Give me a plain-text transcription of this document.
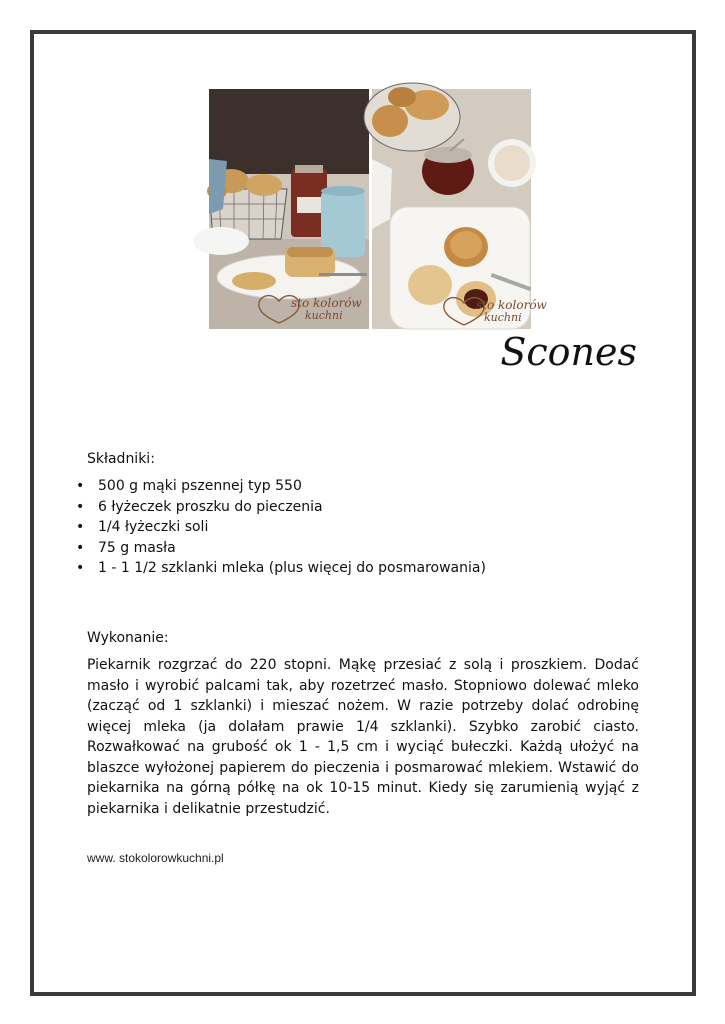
sto kolorów
kuchni
sto kolorów
kuchni
Scones
Składniki:
• 500 g mąki pszennej typ 550
• 6 łyżeczek proszku do pieczenia
• 1/4 łyżeczki soli
• 75 g masła
• 1 - 1 1/2 szklanki mleka (plus więcej do posmarowania)
Wykonanie:

Piekarnik rozgrzać do 220 stopni. Mąkę przesiać z solą i proszkiem. Dodać masło i wyrobić palcami tak, aby rozetrzeć masło. Stopniowo dolewać mleko (zacząć od 1 szklanki) i mieszać nożem. W razie potrzeby dolać odrobinę więcej mleka (ja dolałam prawie 1/4 szklanki). Szybko zarobić ciasto. Rozwałkować na grubość ok 1 - 1,5 cm i wyciąć bułeczki. Każdą ułożyć na blaszce wyłożonej papierem do pieczenia i posmarować mlekiem. Wstawić do piekarnika na górną półkę na ok 10-15 minut. Kiedy się zarumienią wyjąć z piekarnika i delikatnie przestudzić.

www. stokolorowkuchni.pl
